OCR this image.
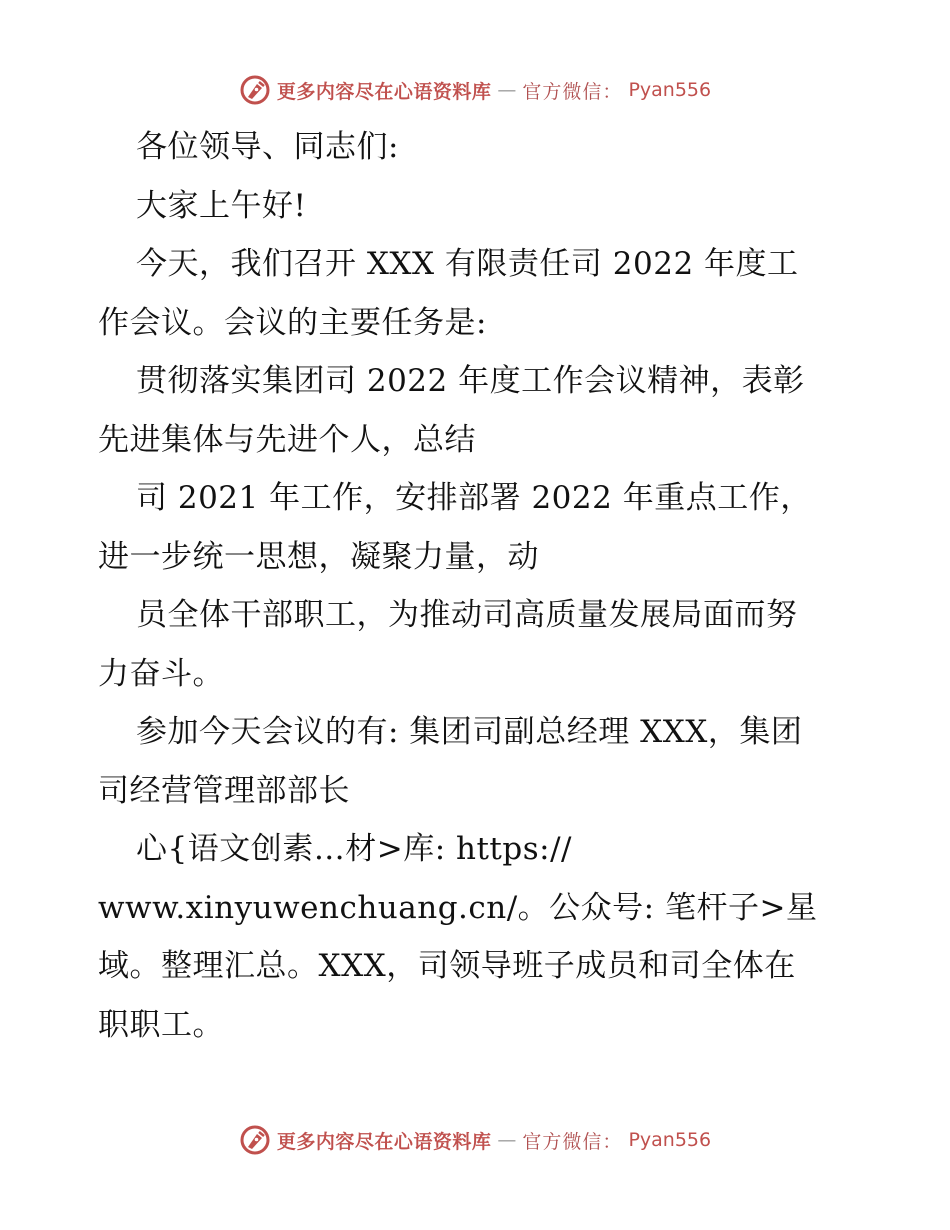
更多内容尽在心语资料库 — 官方微信： Pyan556
各位领导、同志们:
大家上午好!
今天，我们召开 XXX 有限责任司 2022 年度工
作会议。会议的主要任务是:
贯彻落实集团司 2022 年度工作会议精神，表彰
先进集体与先进个人，总结
司 2021 年工作，安排部署 2022 年重点工作，
进一步统一思想，凝聚力量，动
员全体干部职工，为推动司高质量发展局面而努
力奋斗。
参加今天会议的有: 集团司副总经理 XXX，集团
司经营管理部部长
心{语文创素…材>库: https://
www.xinyuwenchuang.cn/。公众号: 笔杆子>星
域。整理汇总。XXX，司领导班子成员和司全体在
职职工。
更多内容尽在心语资料库 — 官方微信： Pyan556
